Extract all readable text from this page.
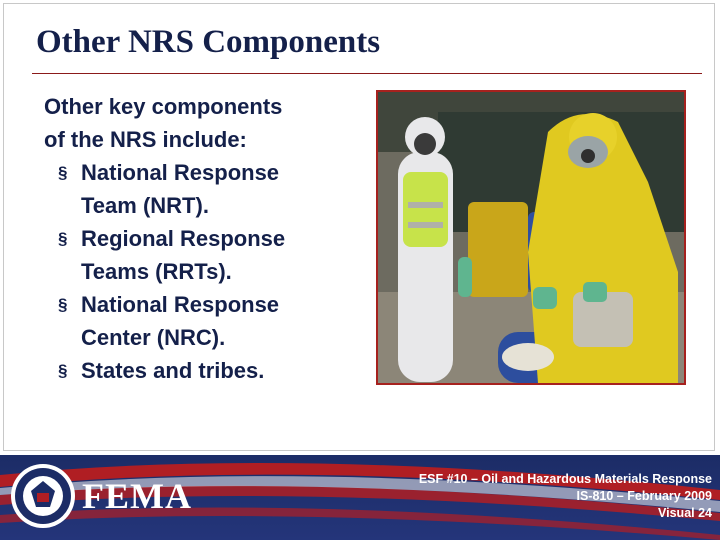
Other NRS Components
Other key components
of the NRS include:
§ National Response
Team (NRT).
§ Regional Response
Teams (RRTs).
§ National Response
Center (NRC).
§ States and tribes.
FEMA	ESF #10 – Oil and Hazardous Materials Response
IS-810 – February 2009
Visual 24
